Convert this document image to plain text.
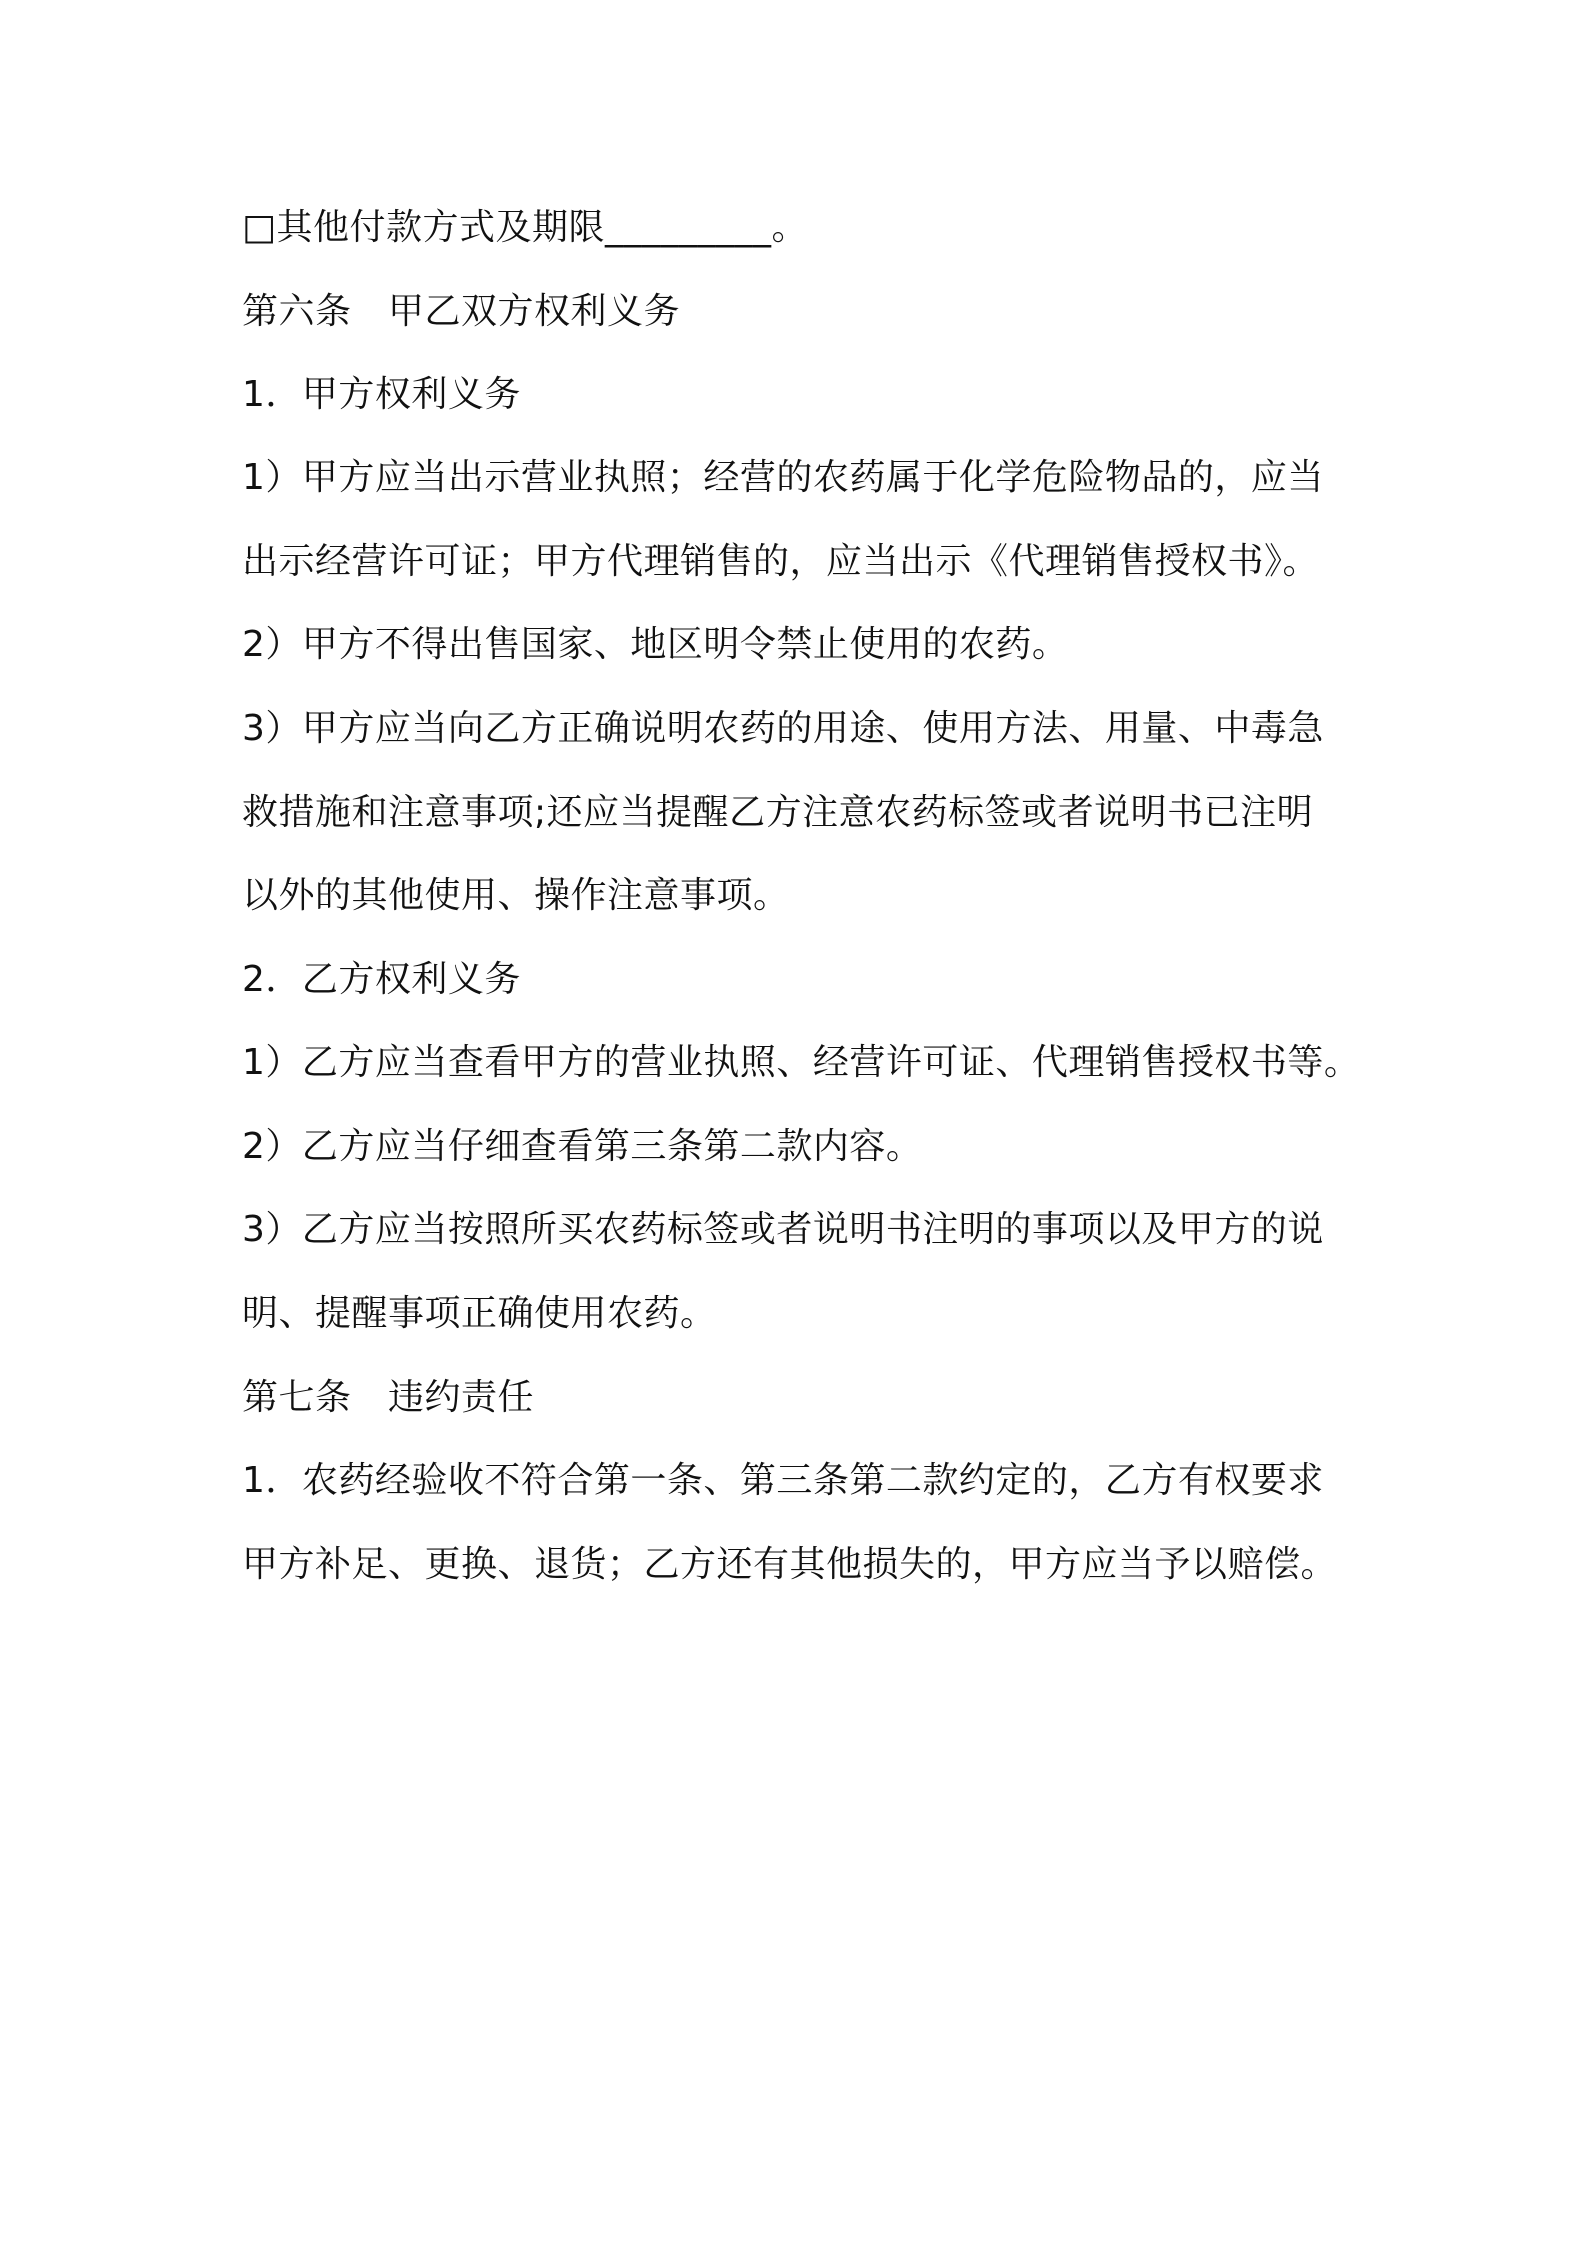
□其他付款方式及期限_________。
第六条　甲乙双方权利义务
1．甲方权利义务
1）甲方应当出示营业执照；经营的农药属于化学危险物品的，应当
出示经营许可证；甲方代理销售的，应当出示《代理销售授权书》。
2）甲方不得出售国家、地区明令禁止使用的农药。
3）甲方应当向乙方正确说明农药的用途、使用方法、用量、中毒急
救措施和注意事项;还应当提醒乙方注意农药标签或者说明书已注明
以外的其他使用、操作注意事项。
2．乙方权利义务
1）乙方应当查看甲方的营业执照、经营许可证、代理销售授权书等。
2）乙方应当仔细查看第三条第二款内容。
3）乙方应当按照所买农药标签或者说明书注明的事项以及甲方的说
明、提醒事项正确使用农药。
第七条　违约责任
1．农药经验收不符合第一条、第三条第二款约定的，乙方有权要求
甲方补足、更换、退货；乙方还有其他损失的，甲方应当予以赔偿。
